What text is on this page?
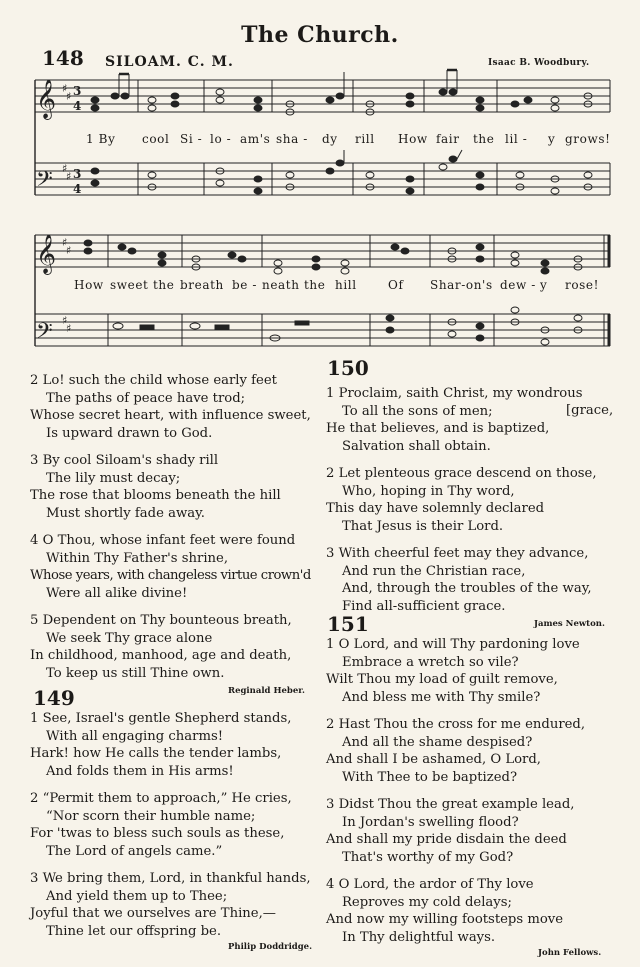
The Church.
148 SILOAM. C. M.	Isaac B. Woodbury.
𝄞
𝄢
𝄞
𝄢
♯
♯
♯
♯
♯
♯
♯
♯
3
4
3
4
1 By cool Si - lo - am's sha - dy rill How fair the lil - y grows!
How sweet the breath be - neath the hill	Of Shar-on's dew - y rose!
2 Lo! such the child whose early feet
The paths of peace have trod;
Whose secret heart, with influence sweet,
Is upward drawn to God.
3 By cool Siloam's shady rill
The lily must decay;
The rose that blooms beneath the hill
Must shortly fade away.
4 O Thou, whose infant feet were found
Within Thy Father's shrine,
Whose years, with changeless virtue crown'd
Were all alike divine!
5 Dependent on Thy bounteous breath,
We seek Thy grace alone
In childhood, manhood, age and death,
To keep us still Thine own.
Reginald Heber.
149
1 See, Israel's gentle Shepherd stands,
With all engaging charms!
Hark! how He calls the tender lambs,
And folds them in His arms!
2 “Permit them to approach,” He cries,
“Nor scorn their humble name;
For 'twas to bless such souls as these,
The Lord of angels came.”
3 We bring them, Lord, in thankful hands,
And yield them up to Thee;
Joyful that we ourselves are Thine,—
Thine let our offspring be.
Philip Doddridge.
150
[grace,
1 Proclaim, saith Christ, my wondrous
To all the sons of men;
He that believes, and is baptized,
Salvation shall obtain.
2 Let plenteous grace descend on those,
Who, hoping in Thy word,
This day have solemnly declared
That Jesus is their Lord.
3 With cheerful feet may they advance,
And run the Christian race,
And, through the troubles of the way,
Find all-sufficient grace.
James Newton.
151
1 O Lord, and will Thy pardoning love
Embrace a wretch so vile?
Wilt Thou my load of guilt remove,
And bless me with Thy smile?
2 Hast Thou the cross for me endured,
And all the shame despised?
And shall I be ashamed, O Lord,
With Thee to be baptized?
3 Didst Thou the great example lead,
In Jordan's swelling flood?
And shall my pride disdain the deed
That's worthy of my God?
4 O Lord, the ardor of Thy love
Reproves my cold delays;
And now my willing footsteps move
In Thy delightful ways.
John Fellows.
